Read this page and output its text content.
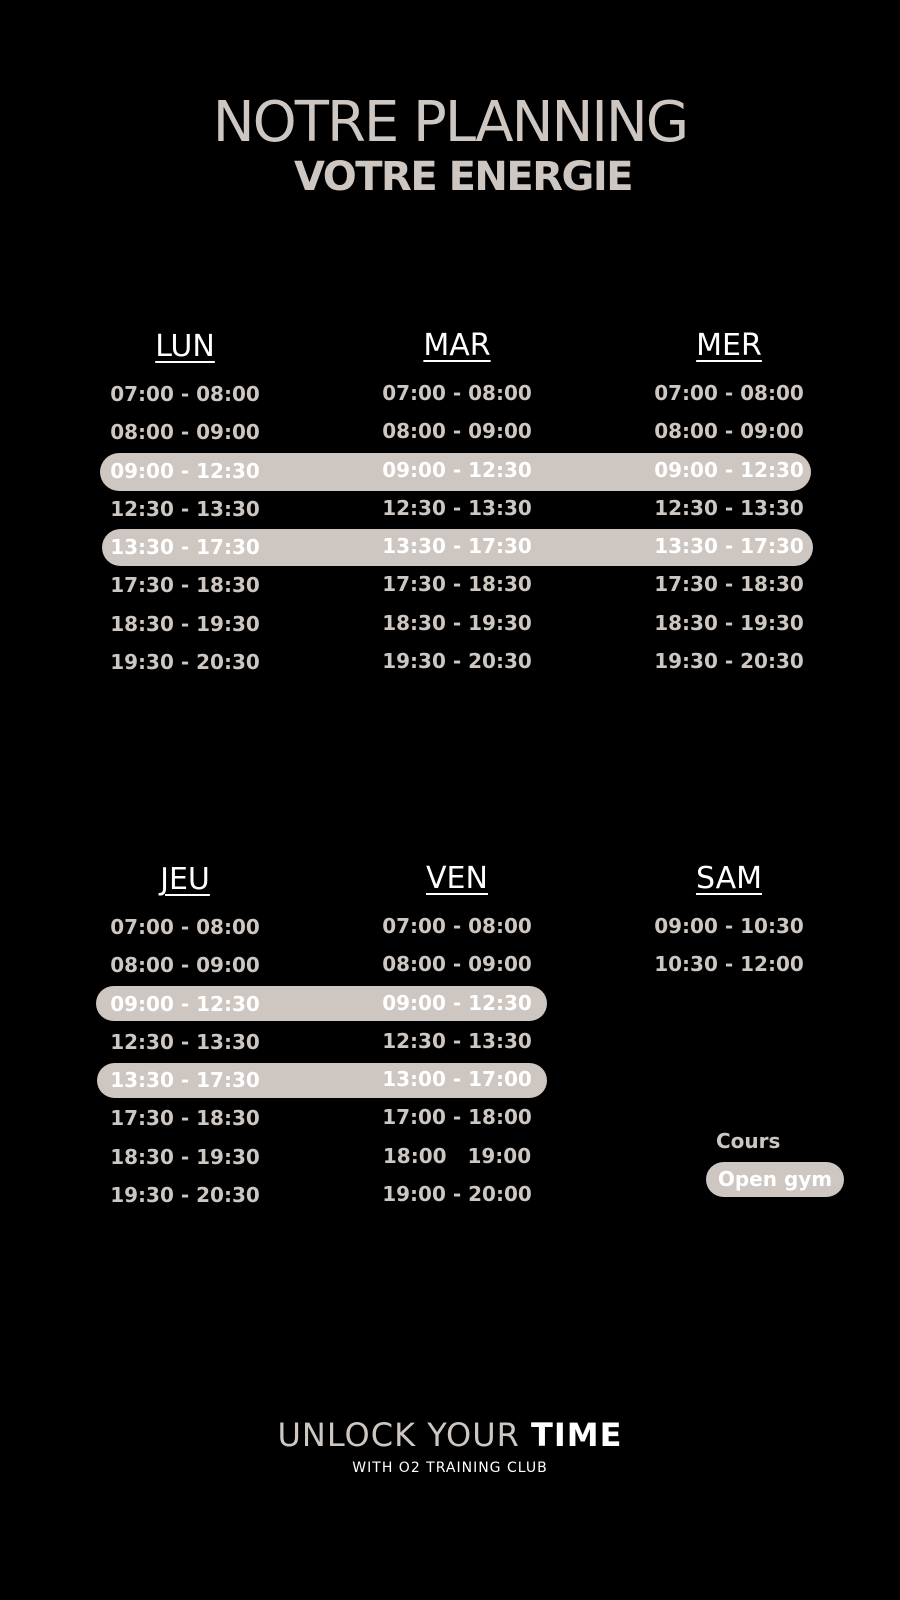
NOTRE PLANNING
VOTRE ENERGIE
LUN
07:00 - 08:00
08:00 - 09:00
09:00 - 12:30
12:30 - 13:30
13:30 - 17:30
17:30 - 18:30
18:30 - 19:30
19:30 - 20:30
MAR
07:00 - 08:00
08:00 - 09:00
09:00 - 12:30
12:30 - 13:30
13:30 - 17:30
17:30 - 18:30
18:30 - 19:30
19:30 - 20:30
MER
07:00 - 08:00
08:00 - 09:00
09:00 - 12:30
12:30 - 13:30
13:30 - 17:30
17:30 - 18:30
18:30 - 19:30
19:30 - 20:30
JEU
07:00 - 08:00
08:00 - 09:00
09:00 - 12:30
12:30 - 13:30
13:30 - 17:30
17:30 - 18:30
18:30 - 19:30
19:30 - 20:30
VEN
07:00 - 08:00
08:00 - 09:00
09:00 - 12:30
12:30 - 13:30
13:00 - 17:00
17:00 - 18:00
18:00   19:00
19:00 - 20:00
SAM
09:00 - 10:30
10:30 - 12:00
Cours
Open gym
UNLOCK YOUR TIME
WITH O2 TRAINING CLUB
